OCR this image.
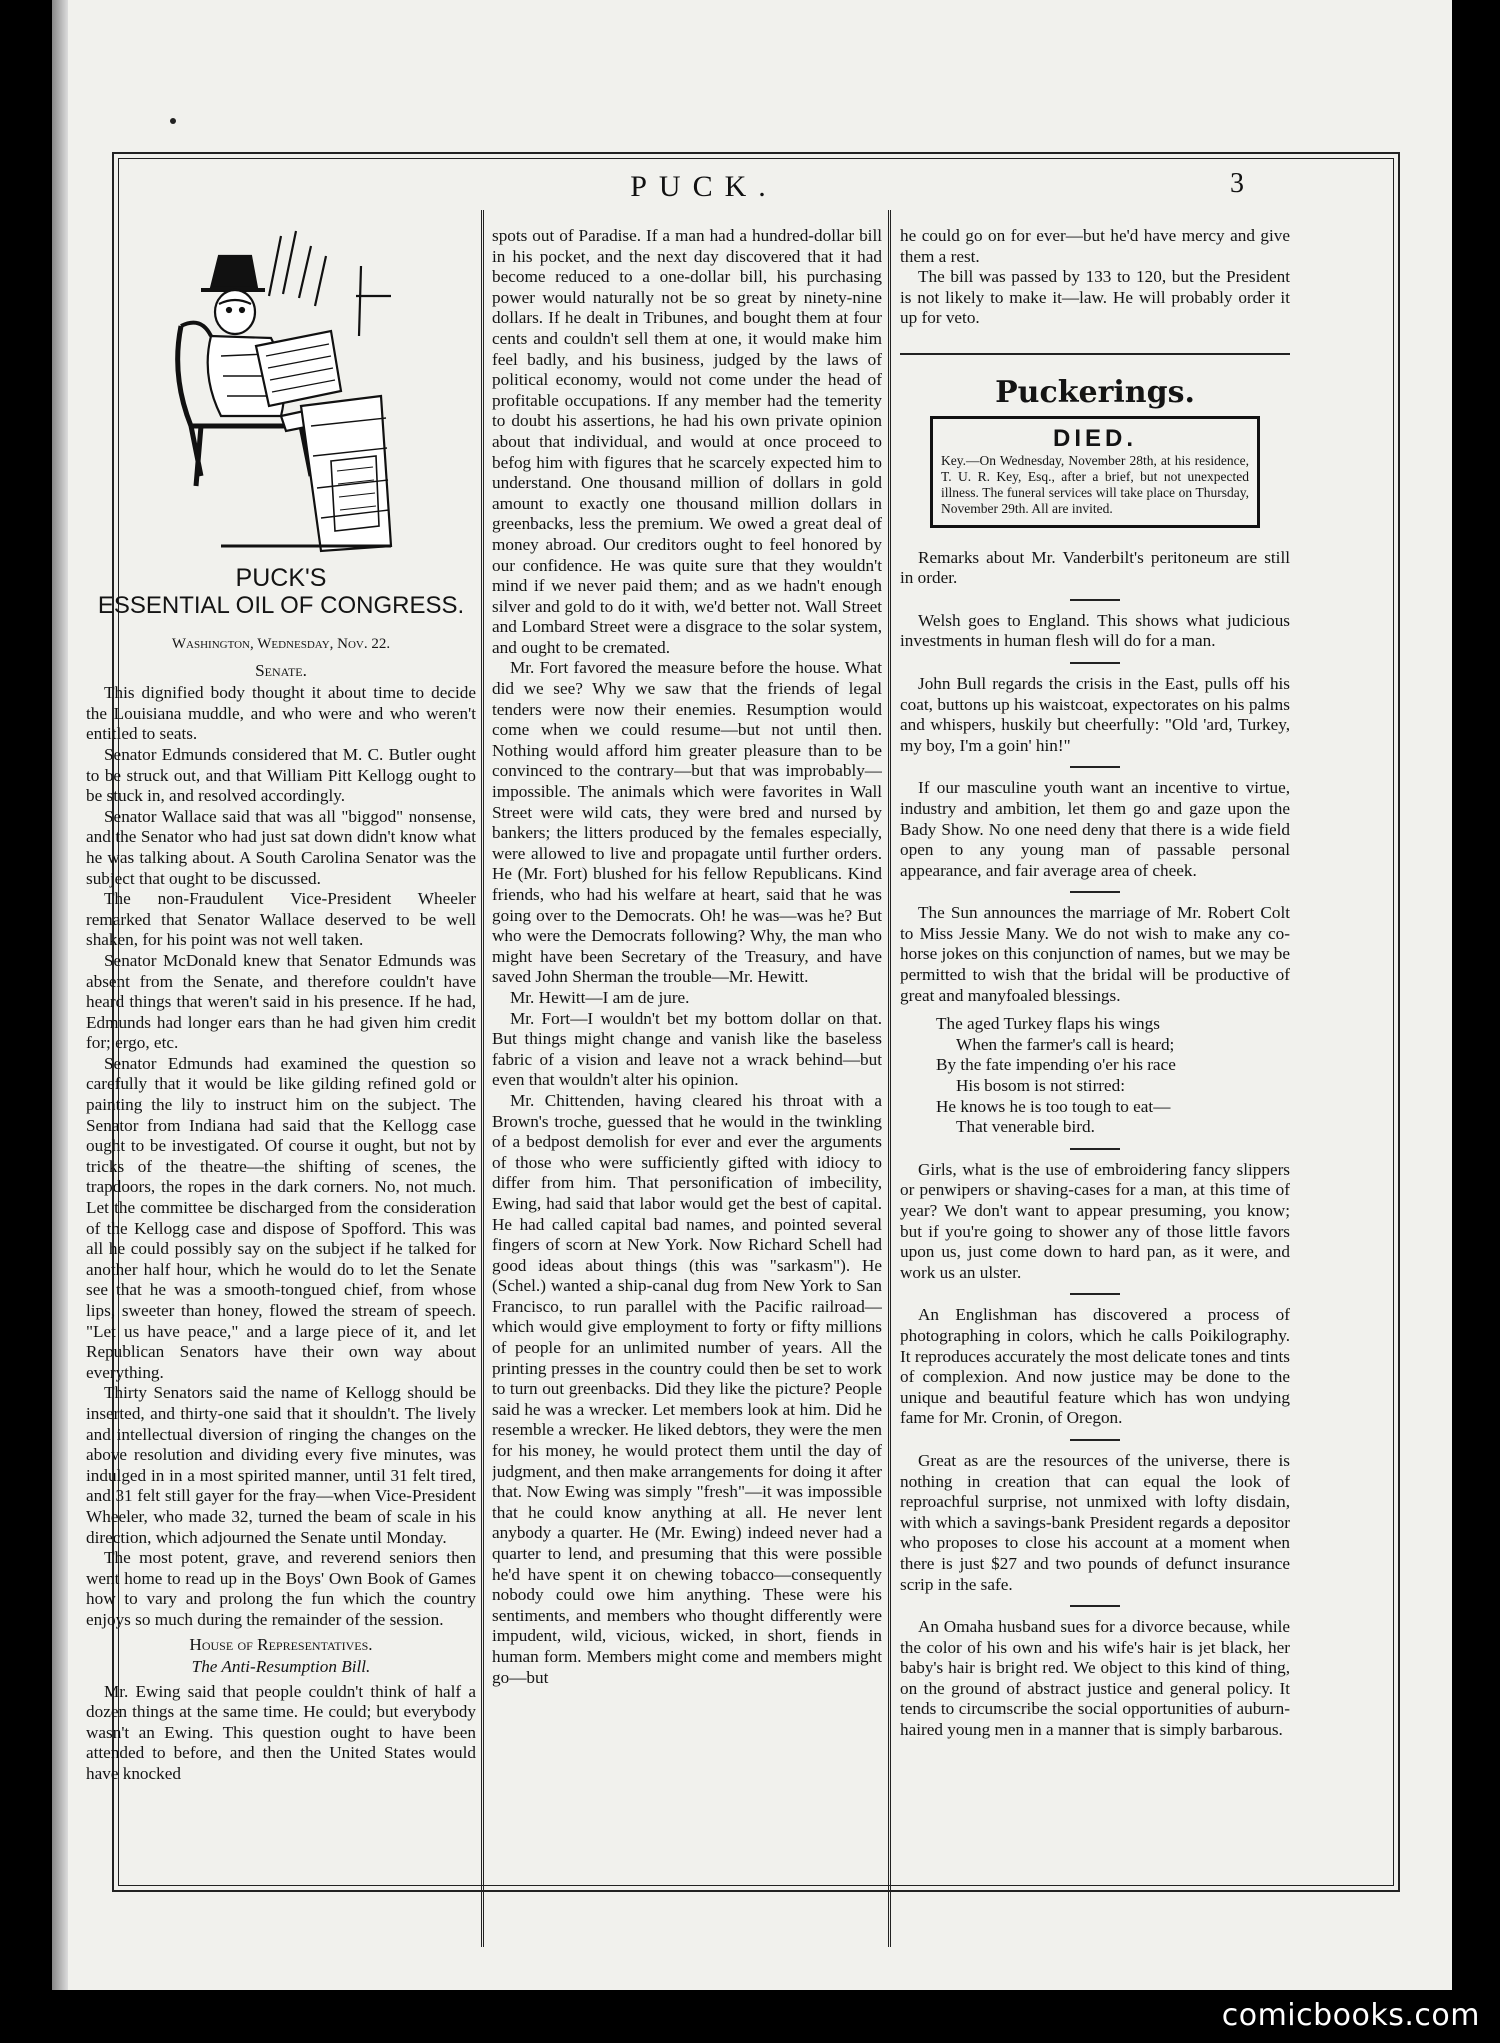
PUCK.	3

PUCK'S

ESSENTIAL OIL OF CONGRESS.

Washington, Wednesday, Nov. 22.

Senate.

This dignified body thought it about time to decide the Louisiana muddle, and who were and who weren't entitled to seats.

Senator Edmunds considered that M. C. Butler ought to be struck out, and that William Pitt Kellogg ought to be stuck in, and resolved accordingly.

Senator Wallace said that was all "biggod" nonsense, and the Senator who had just sat down didn't know what he was talking about. A South Carolina Senator was the subject that ought to be discussed.

The non-Fraudulent Vice-President Wheeler remarked that Senator Wallace deserved to be well shaken, for his point was not well taken.

Senator McDonald knew that Senator Edmunds was absent from the Senate, and therefore couldn't have heard things that weren't said in his presence. If he had, Edmunds had longer ears than he had given him credit for; ergo, etc.

Senator Edmunds had examined the question so carefully that it would be like gilding refined gold or painting the lily to instruct him on the subject. The Senator from Indiana had said that the Kellogg case ought to be investigated. Of course it ought, but not by tricks of the theatre—the shifting of scenes, the trapdoors, the ropes in the dark corners. No, not much. Let the committee be discharged from the consideration of the Kellogg case and dispose of Spofford. This was all he could possibly say on the subject if he talked for another half hour, which he would do to let the Senate see that he was a smooth-tongued chief, from whose lips, sweeter than honey, flowed the stream of speech. "Let us have peace," and a large piece of it, and let Republican Senators have their own way about everything.

Thirty Senators said the name of Kellogg should be inserted, and thirty-one said that it shouldn't. The lively and intellectual diversion of ringing the changes on the above resolution and dividing every five minutes, was indulged in in a most spirited manner, until 31 felt tired, and 31 felt still gayer for the fray—when Vice-President Wheeler, who made 32, turned the beam of scale in his direction, which adjourned the Senate until Monday.

The most potent, grave, and reverend seniors then went home to read up in the Boys' Own Book of Games how to vary and prolong the fun which the country enjoys so much during the remainder of the session.

House of Representatives.

The Anti-Resumption Bill.

Mr. Ewing said that people couldn't think of half a dozen things at the same time. He could; but everybody wasn't an Ewing. This question ought to have been attended to before, and then the United States would have knocked

spots out of Paradise. If a man had a hundred-dollar bill in his pocket, and the next day discovered that it had become reduced to a one-dollar bill, his purchasing power would naturally not be so great by ninety-nine dollars. If he dealt in Tribunes, and bought them at four cents and couldn't sell them at one, it would make him feel badly, and his business, judged by the laws of political economy, would not come under the head of profitable occupations. If any member had the temerity to doubt his assertions, he had his own private opinion about that individual, and would at once proceed to befog him with figures that he scarcely expected him to understand. One thousand million of dollars in gold amount to exactly one thousand million dollars in greenbacks, less the premium. We owed a great deal of money abroad. Our creditors ought to feel honored by our confidence. He was quite sure that they wouldn't mind if we never paid them; and as we hadn't enough silver and gold to do it with, we'd better not. Wall Street and Lombard Street were a disgrace to the solar system, and ought to be cremated.

Mr. Fort favored the measure before the house. What did we see? Why we saw that the friends of legal tenders were now their enemies. Resumption would come when we could resume—but not until then. Nothing would afford him greater pleasure than to be convinced to the contrary—but that was improbably—impossible. The animals which were favorites in Wall Street were wild cats, they were bred and nursed by bankers; the litters produced by the females especially, were allowed to live and propagate until further orders. He (Mr. Fort) blushed for his fellow Republicans. Kind friends, who had his welfare at heart, said that he was going over to the Democrats. Oh! he was—was he? But who were the Democrats following? Why, the man who might have been Secretary of the Treasury, and have saved John Sherman the trouble—Mr. Hewitt.

Mr. Hewitt—I am de jure.

Mr. Fort—I wouldn't bet my bottom dollar on that. But things might change and vanish like the baseless fabric of a vision and leave not a wrack behind—but even that wouldn't alter his opinion.

Mr. Chittenden, having cleared his throat with a Brown's troche, guessed that he would in the twinkling of a bedpost demolish for ever and ever the arguments of those who were sufficiently gifted with idiocy to differ from him. That personification of imbecility, Ewing, had said that labor would get the best of capital. He had called capital bad names, and pointed several fingers of scorn at New York. Now Richard Schell had good ideas about things (this was "sarkasm"). He (Schel.) wanted a ship-canal dug from New York to San Francisco, to run parallel with the Pacific railroad—which would give employment to forty or fifty millions of people for an unlimited number of years. All the printing presses in the country could then be set to work to turn out greenbacks. Did they like the picture? People said he was a wrecker. Let members look at him. Did he resemble a wrecker. He liked debtors, they were the men for his money, he would protect them until the day of judgment, and then make arrangements for doing it after that. Now Ewing was simply "fresh"—it was impossible that he could know anything at all. He never lent anybody a quarter. He (Mr. Ewing) indeed never had a quarter to lend, and presuming that this were possible he'd have spent it on chewing tobacco—consequently nobody could owe him anything. These were his sentiments, and members who thought differently were impudent, wild, vicious, wicked, in short, fiends in human form. Members might come and members might go—but

he could go on for ever—but he'd have mercy and give them a rest.

The bill was passed by 133 to 120, but the President is not likely to make it—law. He will probably order it up for veto.

Puckerings.

DIED.

Key.—On Wednesday, November 28th, at his residence, T. U. R. Key, Esq., after a brief, but not unexpected illness. The funeral services will take place on Thursday, November 29th. All are invited.

Remarks about Mr. Vanderbilt's peritoneum are still in order.

Welsh goes to England. This shows what judicious investments in human flesh will do for a man.

John Bull regards the crisis in the East, pulls off his coat, buttons up his waistcoat, expectorates on his palms and whispers, huskily but cheerfully: "Old 'ard, Turkey, my boy, I'm a goin' hin!"

If our masculine youth want an incentive to virtue, industry and ambition, let them go and gaze upon the Bady Show. No one need deny that there is a wide field open to any young man of passable personal appearance, and fair average area of cheek.

The Sun announces the marriage of Mr. Robert Colt to Miss Jessie Many. We do not wish to make any co-horse jokes on this conjunction of names, but we may be permitted to wish that the bridal will be productive of great and manyfoaled blessings.

The aged Turkey flaps his wings
When the farmer's call is heard;
By the fate impending o'er his race
His bosom is not stirred:
He knows he is too tough to eat—
That venerable bird.

Girls, what is the use of embroidering fancy slippers or penwipers or shaving-cases for a man, at this time of year? We don't want to appear presuming, you know; but if you're going to shower any of those little favors upon us, just come down to hard pan, as it were, and work us an ulster.

An Englishman has discovered a process of photographing in colors, which he calls Poikilography. It reproduces accurately the most delicate tones and tints of complexion. And now justice may be done to the unique and beautiful feature which has won undying fame for Mr. Cronin, of Oregon.

Great as are the resources of the universe, there is nothing in creation that can equal the look of reproachful surprise, not unmixed with lofty disdain, with which a savings-bank President regards a depositor who proposes to close his account at a moment when there is just $27 and two pounds of defunct insurance scrip in the safe.

An Omaha husband sues for a divorce because, while the color of his own and his wife's hair is jet black, her baby's hair is bright red. We object to this kind of thing, on the ground of abstract justice and general policy. It tends to circumscribe the social opportunities of auburn-haired young men in a manner that is simply barbarous.

comicbooks.com
